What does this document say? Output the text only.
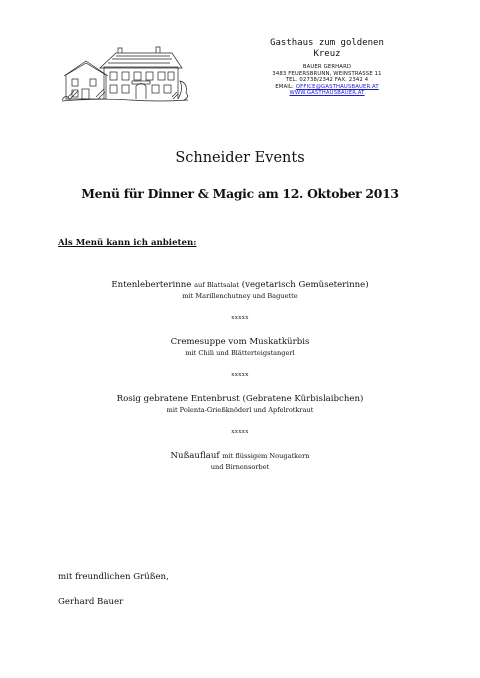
Gasthaus zum goldenen
Kreuz
BAUER GERHARD
3483 FEUERSBRUNN, WEINSTRASSE 11
TEL. 02738/2342 FAX. 2342 4
EMAIL: OFFICE@GASTHAUSBAUER.AT
WWW.GASTHAUSBAUER.AT
Schneider Events
Menü für Dinner & Magic am 12. Oktober 2013
Als Menü kann ich anbieten:
Entenleberterinne auf Blattsalat (vegetarisch Gemüseterinne)
mit Marillenchutney und Baguette
xxxxx
Cremesuppe vom Muskatkürbis
mit Chili und Blätterteigstangerl
xxxxx
Rosig gebratene Entenbrust (Gebratene Kürbislaibchen)
mit Polenta-Grießknöderl und Apfelrotkraut
xxxxx
Nußauflauf mit flüssigem Nougatkern
und Birnensorbet
mit freundlichen Grüßen,
Gerhard Bauer
